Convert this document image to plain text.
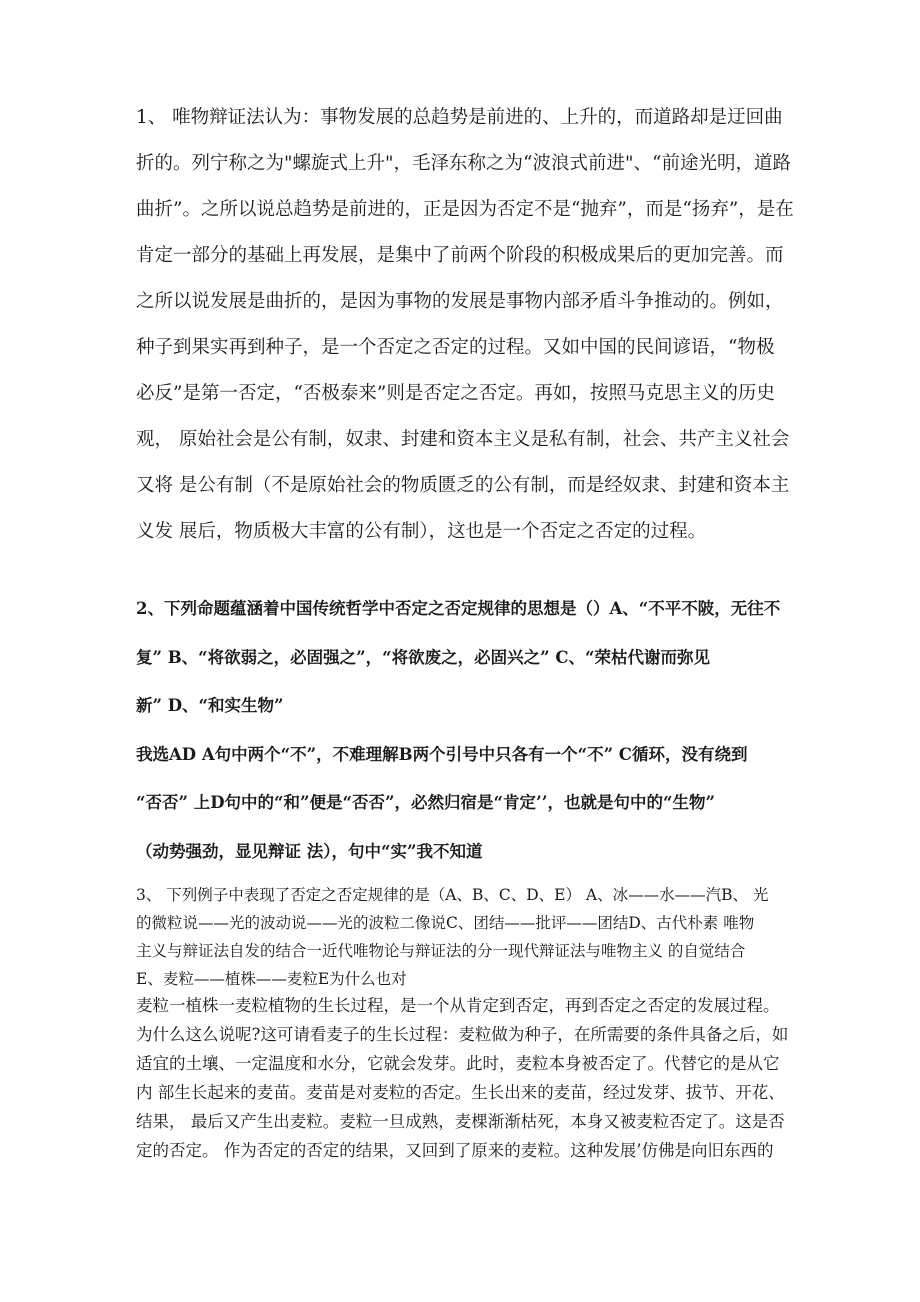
1、 唯物辩证法认为：事物发展的总趋势是前进的、上升的，而道路却是迂回曲
折的。列宁称之为"螺旋式上升"，毛泽东称之为“波浪式前进"、“前途光明，道路
曲折”。之所以说总趋势是前进的，正是因为否定不是“抛弃”，而是“扬弃”，是在
肯定一部分的基础上再发展，是集中了前两个阶段的积极成果后的更加完善。而
之所以说发展是曲折的，是因为事物的发展是事物内部矛盾斗争推动的。例如，
种子到果实再到种子，是一个否定之否定的过程。又如中国的民间谚语，“物极
必反”是第一否定，“否极泰来”则是否定之否定。再如，按照马克思主义的历史
观， 原始社会是公有制，奴隶、封建和资本主义是私有制，社会、共产主义社会
又将 是公有制（不是原始社会的物质匮乏的公有制，而是经奴隶、封建和资本主
义发 展后，物质极大丰富的公有制），这也是一个否定之否定的过程。
2、下列命题蕴涵着中国传统哲学中否定之否定规律的思想是（）A、“不平不陂，无往不
复” B、“将欲弱之，必固强之”，“将欲废之，必固兴之” C、“荣枯代谢而弥见
新” D、“和实生物”
我选AD A句中两个“不”，不难理解B两个引号中只各有一个“不” C循环，没有绕到
“否否” 上D句中的“和”便是“否否”，必然归宿是“肯定’’，也就是句中的“生物”
（动势强劲，显见辩证 法），句中“实”我不知道
3、 下列例子中表现了否定之否定规律的是（A、B、C、D、E） A、冰——水——汽B、 光
的微粒说——光的波动说——光的波粒二像说C、团结——批评——团结D、古代朴素 唯物
主义与辩证法自发的结合一近代唯物论与辩证法的分一现代辩证法与唯物主义 的自觉结合
E、麦粒——植株——麦粒E为什么也对
麦粒一植株一麦粒植物的生长过程，是一个从肯定到否定，再到否定之否定的发展过程。
为什么这么说呢?这可请看麦子的生长过程：麦粒做为种子，在所需要的条件具备之后，如
适宜的土壤、一定温度和水分，它就会发芽。此时，麦粒本身被否定了。代替它的是从它
内 部生长起来的麦苗。麦苗是对麦粒的否定。生长出来的麦苗，经过发芽、拔节、开花、
结果， 最后又产生出麦粒。麦粒一旦成熟，麦棵渐渐枯死，本身又被麦粒否定了。这是否
定的否定。 作为否定的否定的结果，又回到了原来的麦粒。这种发展’仿佛是向旧东西的
